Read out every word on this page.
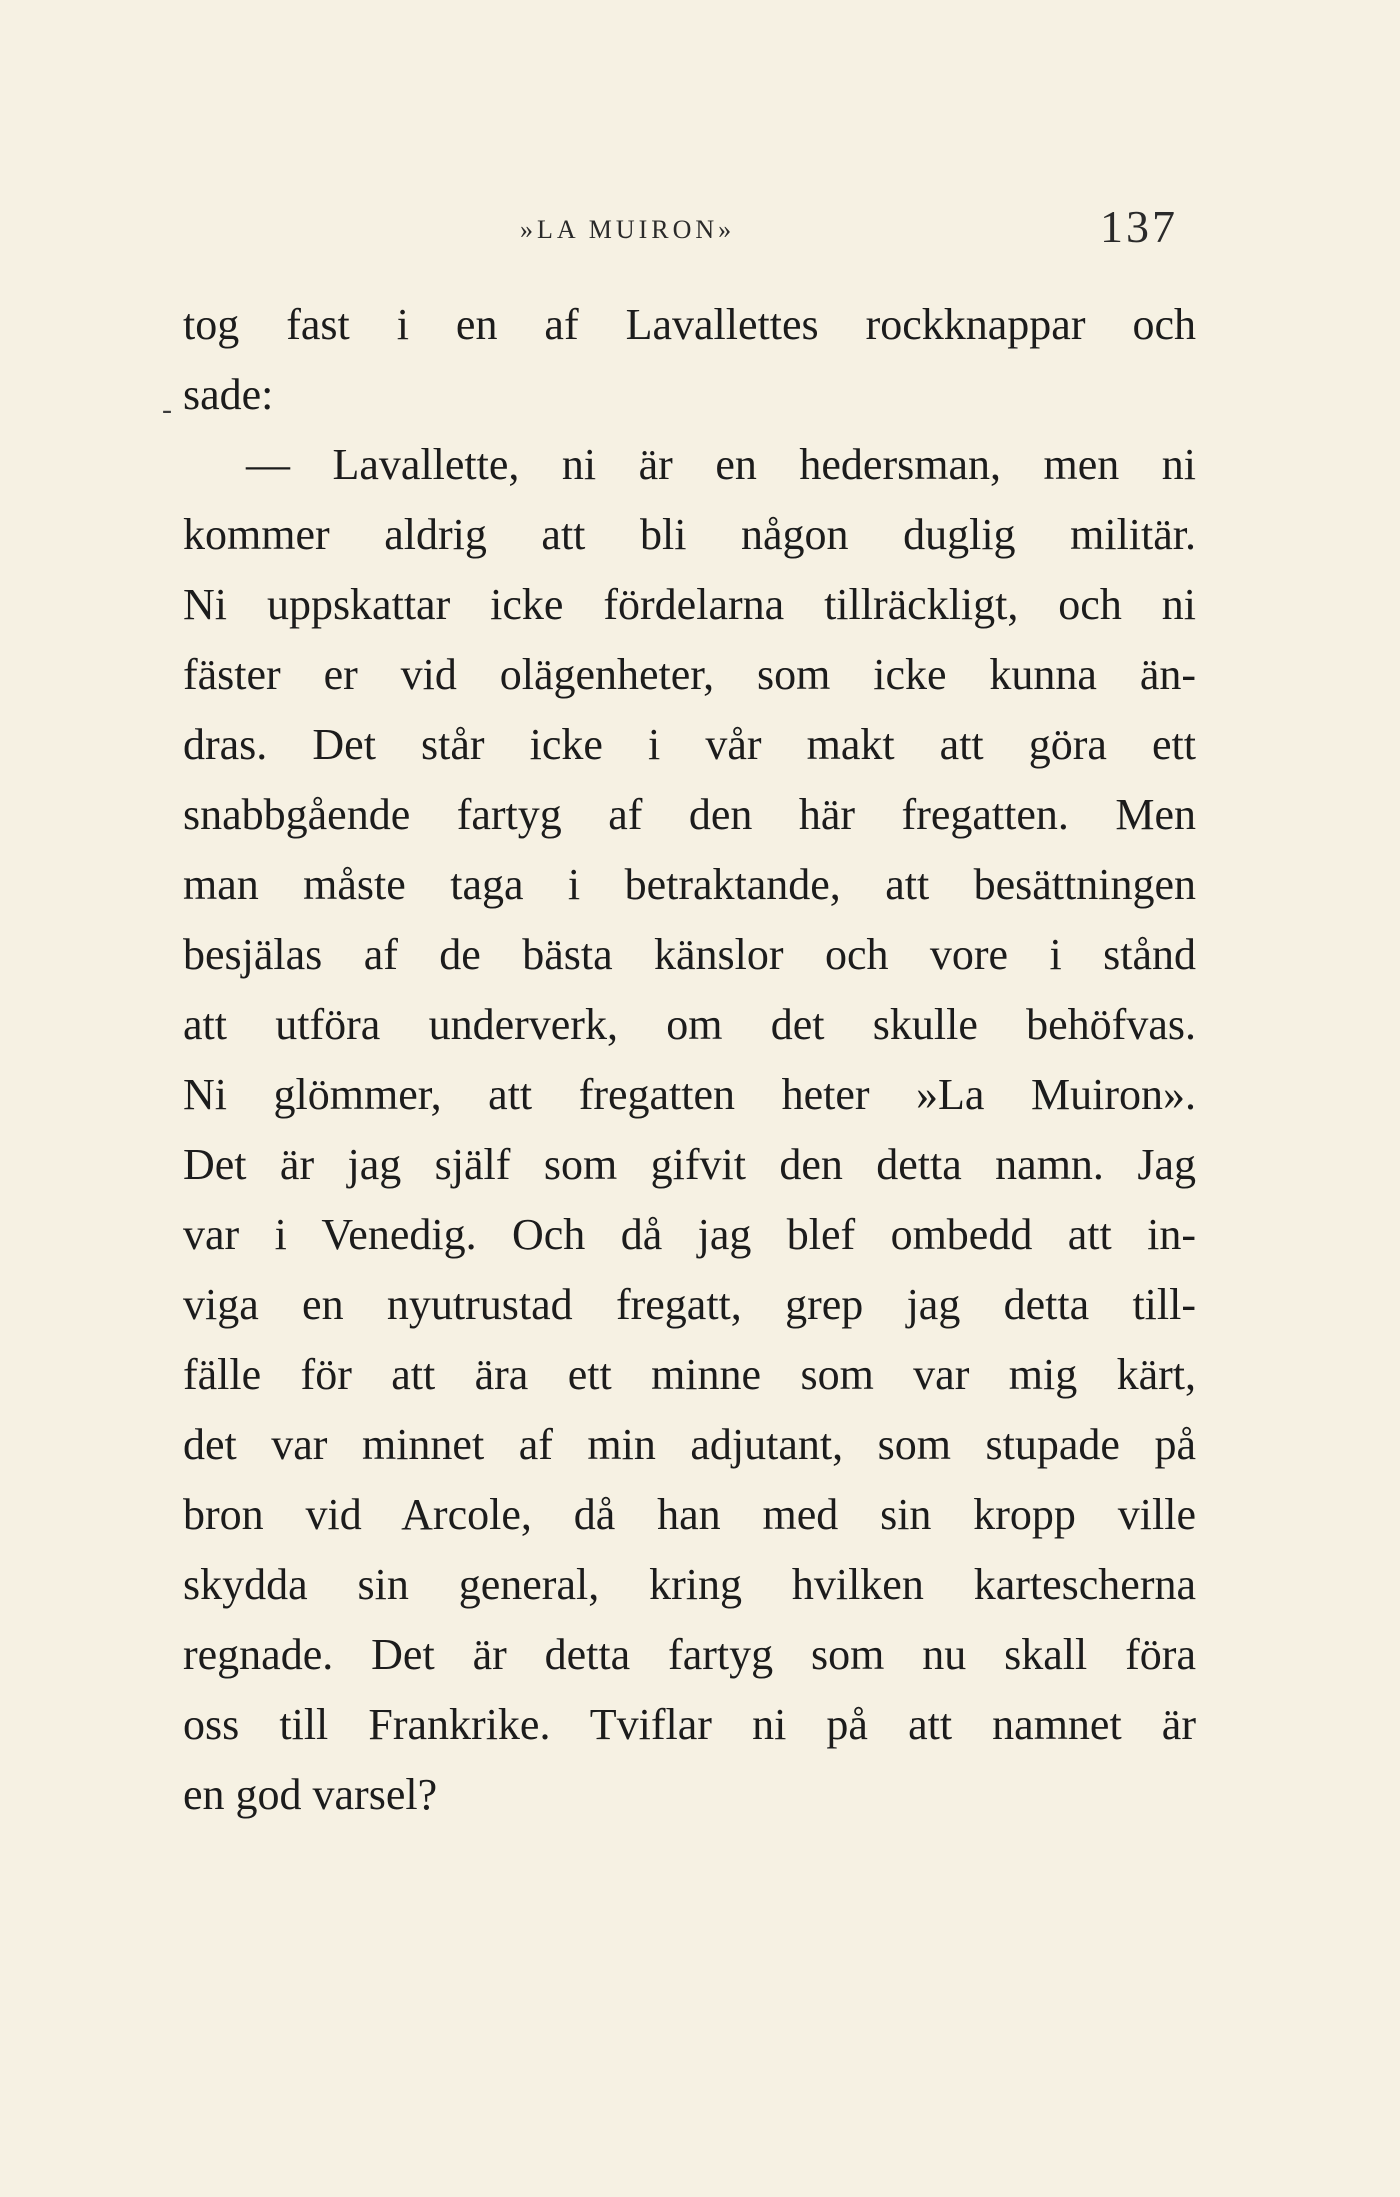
»LA MUIRON»	137
-
tog fast i en af Lavallettes rockknappar och
sade:
— Lavallette, ni är en hedersman, men ni
kommer aldrig att bli någon duglig militär.
Ni uppskattar icke fördelarna tillräckligt, och ni
fäster er vid olägenheter, som icke kunna än-
dras. Det står icke i vår makt att göra ett
snabbgående fartyg af den här fregatten. Men
man måste taga i betraktande, att besättningen
besjälas af de bästa känslor och vore i stånd
att utföra underverk, om det skulle behöfvas.
Ni glömmer, att fregatten heter »La Muiron».
Det är jag själf som gifvit den detta namn. Jag
var i Venedig. Och då jag blef ombedd att in-
viga en nyutrustad fregatt, grep jag detta till-
fälle för att ära ett minne som var mig kärt,
det var minnet af min adjutant, som stupade på
bron vid Arcole, då han med sin kropp ville
skydda sin general, kring hvilken kartescherna
regnade. Det är detta fartyg som nu skall föra
oss till Frankrike. Tviflar ni på att namnet är
en god varsel?
